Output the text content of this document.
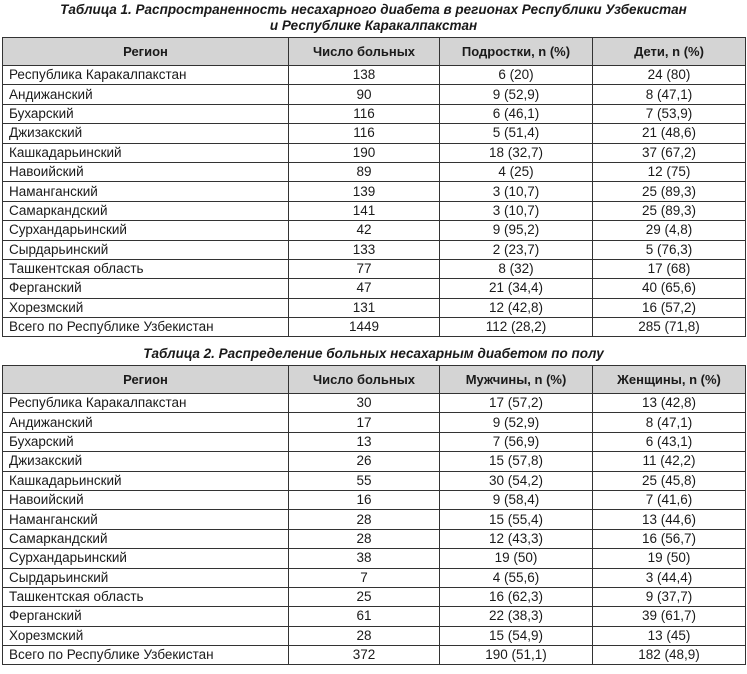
Таблица 1. Распространенность несахарного диабета в регионах Республики Узбекистан
и Республике Каракалпакстан
Регион	Число больных	Подростки, n (%)	Дети, n (%)
Республика Каракалпакстан	138	6 (20)	24 (80)
Андижанский	90	9 (52,9)	8 (47,1)
Бухарский	116	6 (46,1)	7 (53,9)
Джизакский	116	5 (51,4)	21 (48,6)
Кашкадарьинский	190	18 (32,7)	37 (67,2)
Навоийский	89	4 (25)	12 (75)
Наманганский	139	3 (10,7)	25 (89,3)
Самаркандский	141	3 (10,7)	25 (89,3)
Сурхандарьинский	42	9 (95,2)	29 (4,8)
Сырдарьинский	133	2 (23,7)	5 (76,3)
Ташкентская область	77	8 (32)	17 (68)
Ферганский	47	21 (34,4)	40 (65,6)
Хорезмский	131	12 (42,8)	16 (57,2)
Всего по Республике Узбекистан	1449	112 (28,2)	285 (71,8)
Таблица 2. Распределение больных несахарным диабетом по полу
Регион	Число больных	Мужчины, n (%)	Женщины, n (%)
Республика Каракалпакстан	30	17 (57,2)	13 (42,8)
Андижанский	17	9 (52,9)	8 (47,1)
Бухарский	13	7 (56,9)	6 (43,1)
Джизакский	26	15 (57,8)	11 (42,2)
Кашкадарьинский	55	30 (54,2)	25 (45,8)
Навоийский	16	9 (58,4)	7 (41,6)
Наманганский	28	15 (55,4)	13 (44,6)
Самаркандский	28	12 (43,3)	16 (56,7)
Сурхандарьинский	38	19 (50)	19 (50)
Сырдарьинский	7	4 (55,6)	3 (44,4)
Ташкентская область	25	16 (62,3)	9 (37,7)
Ферганский	61	22 (38,3)	39 (61,7)
Хорезмский	28	15 (54,9)	13 (45)
Всего по Республике Узбекистан	372	190 (51,1)	182 (48,9)
